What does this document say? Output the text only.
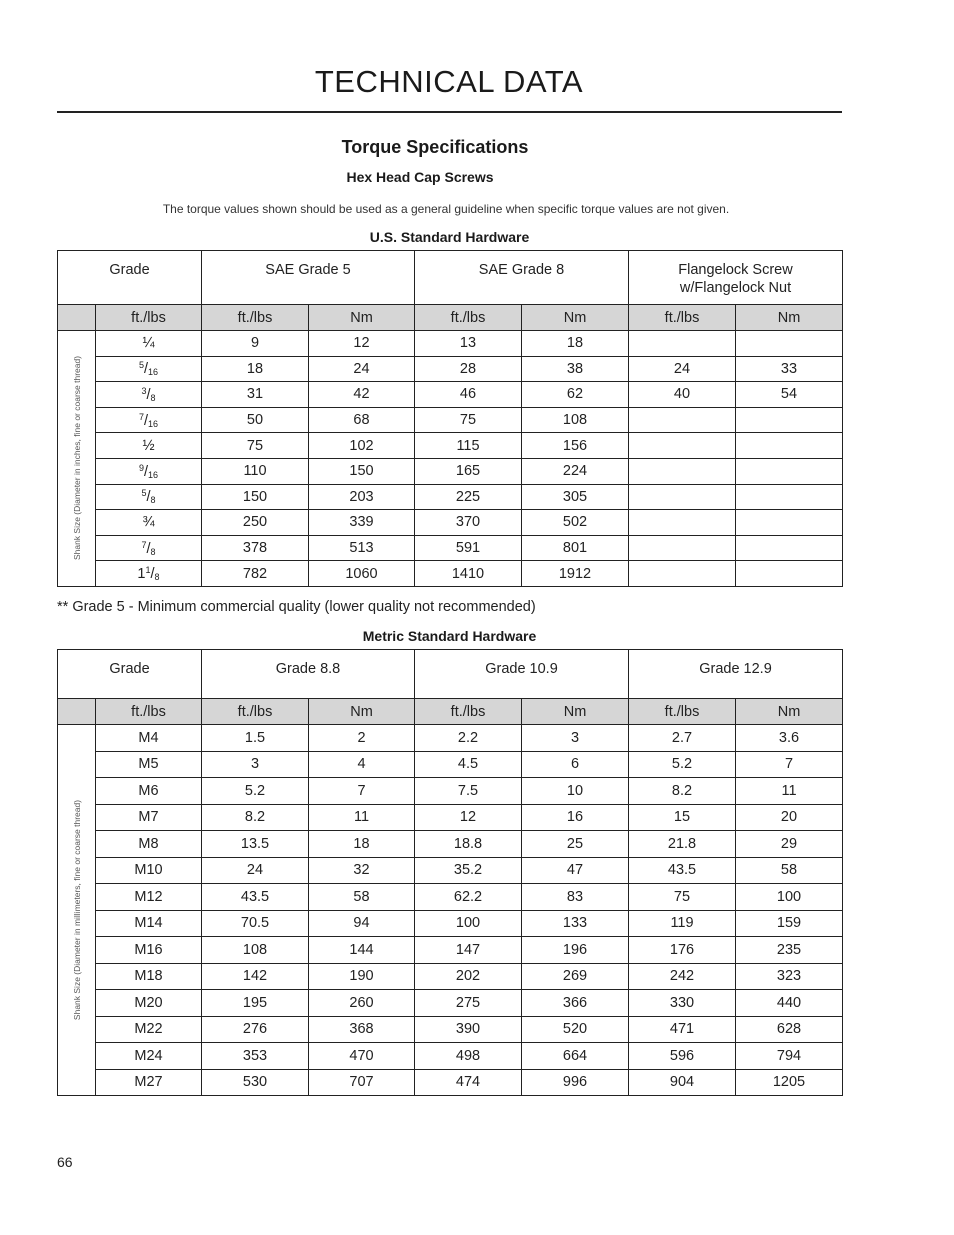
TECHNICAL DATA
Torque Specifications
Hex Head Cap Screws
The torque values shown should be used as a general guideline when specific torque values are not given.
U.S. Standard Hardware
Grade		SAE Grade 5		SAE Grade 8		Flangelock Screw
w/Flangelock Nut	
	ft./lbs	ft./lbs	Nm	ft./lbs	Nm	ft./lbs	Nm

Shank Size (Diameter in inches, fine or coarse thread)	¼	9	12	13	18		
	$^5$/16	18	24	28	38	24	33
	$^3$/8	31	42	46	62	40	54
	$^7$/16	50	68	75	108		
	½	75	102	115	156		
	$^9$/16	110	150	165	224		
	$^5$/8	150	203	225	305		
	¾	250	339	370	502		
	$^7$/8	378	513	591	801		
	$1^1/8$	782	1060	1410	1912		
** Grade 5 - Minimum commercial quality (lower quality not recommended)
Metric Standard Hardware
Grade		Grade 8.8		Grade 10.9		Grade 12.9	
	ft./lbs	ft./lbs	Nm	ft./lbs	Nm	ft./lbs	Nm

Shank Size (Diameter in millimeters, fine or coarse thread)	M4	1.5	2	2.2	3	2.7	3.6
	M5	3	4	4.5	6	5.2	7
	M6	5.2	7	7.5	10	8.2	11
	M7	8.2	11	12	16	15	20
	M8	13.5	18	18.8	25	21.8	29
	M10	24	32	35.2	47	43.5	58
	M12	43.5	58	62.2	83	75	100
	M14	70.5	94	100	133	119	159
	M16	108	144	147	196	176	235
	M18	142	190	202	269	242	323
	M20	195	260	275	366	330	440
	M22	276	368	390	520	471	628
	M24	353	470	498	664	596	794
	M27	530	707	474	996	904	1205
66
